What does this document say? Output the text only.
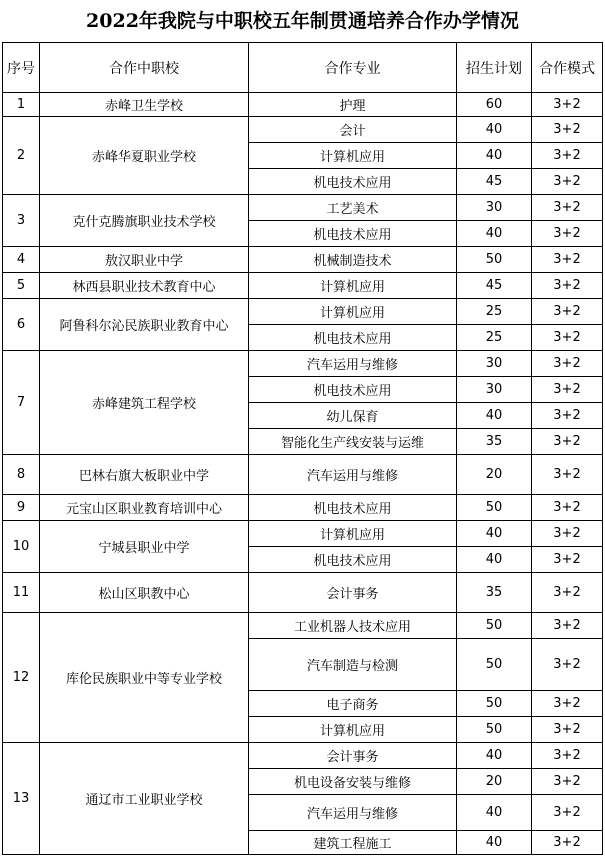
2022年我院与中职校五年制贯通培养合作办学情况
序号	合作中职校	合作专业	招生计划	合作模式
1	赤峰卫生学校	护理	60	3+2
2	赤峰华夏职业学校	会计	40	3+2
		计算机应用	40	3+2
		机电技术应用	45	3+2
3	克什克腾旗职业技术学校	工艺美术	30	3+2
		机电技术应用	40	3+2
4	敖汉职业中学	机械制造技术	50	3+2
5	林西县职业技术教育中心	计算机应用	45	3+2
6	阿鲁科尔沁民族职业教育中心	计算机应用	25	3+2
		机电技术应用	25	3+2
7	赤峰建筑工程学校	汽车运用与维修	30	3+2
		机电技术应用	30	3+2
		幼儿保育	40	3+2
		智能化生产线安装与运维	35	3+2
8	巴林右旗大板职业中学	汽车运用与维修	20	3+2
9	元宝山区职业教育培训中心	机电技术应用	50	3+2
10	宁城县职业中学	计算机应用	40	3+2
		机电技术应用	40	3+2
11	松山区职教中心	会计事务	35	3+2
12	库伦民族职业中等专业学校	工业机器人技术应用	50	3+2
		汽车制造与检测	50	3+2
		电子商务	50	3+2
		计算机应用	50	3+2
13	通辽市工业职业学校	会计事务	40	3+2
		机电设备安装与维修	20	3+2
		汽车运用与维修	40	3+2
		建筑工程施工	40	3+2
